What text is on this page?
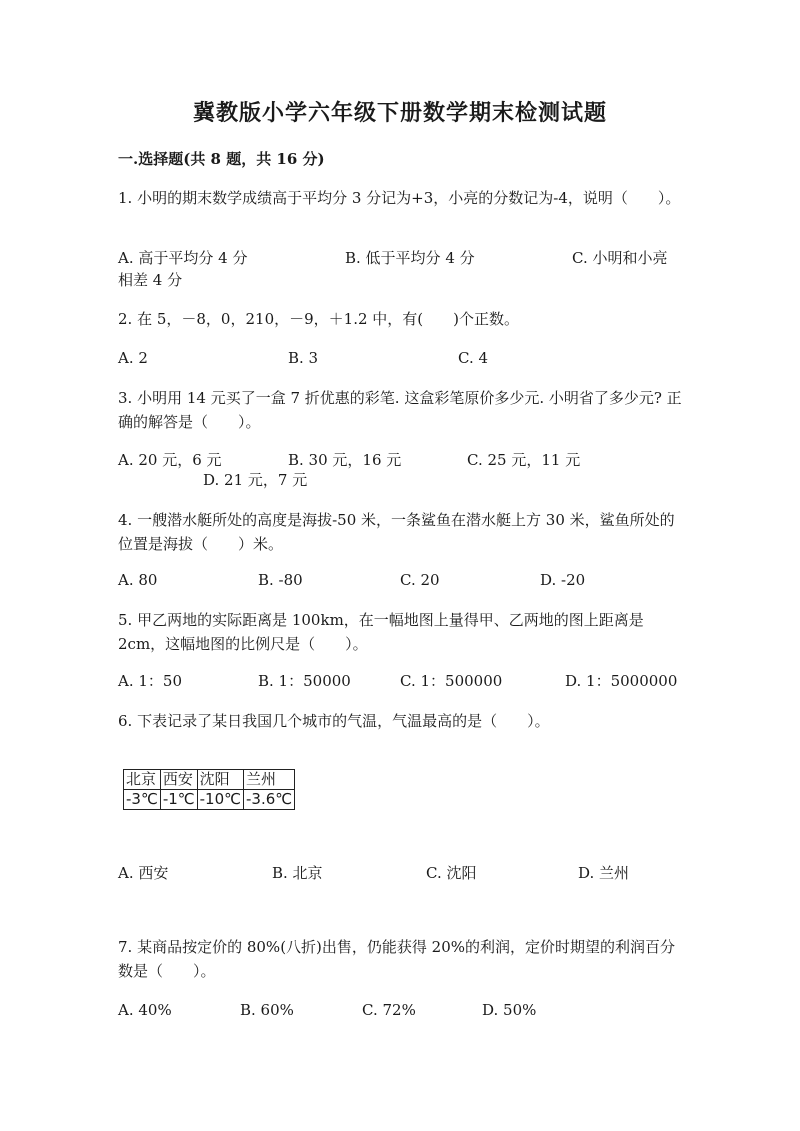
冀教版小学六年级下册数学期末检测试题
一.选择题(共 8 题，共 16 分)
1. 小明的期末数学成绩高于平均分 3 分记为+3，小亮的分数记为-4，说明（　　）。
A. 高于平均分 4 分	B. 低于平均分 4 分	C. 小明和小亮
相差 4 分
2. 在 5，－8，0，210，－9，＋1.2 中，有(　　)个正数。
A. 2	B. 3	C. 4
3. 小明用 14 元买了一盒 7 折优惠的彩笔. 这盒彩笔原价多少元. 小明省了多少元? 正确的解答是（　　）。
A. 20 元，6 元	B. 30 元，16 元	C. 25 元，11 元
D. 21 元，7 元
4. 一艘潜水艇所处的高度是海拔-50 米，一条鲨鱼在潜水艇上方 30 米，鲨鱼所处的位置是海拔（　　）米。
A. 80	B. -80	C. 20	D. -20
5. 甲乙两地的实际距离是 100km，在一幅地图上量得甲、乙两地的图上距离是 2cm，这幅地图的比例尺是（　　）。
A. 1：50	B. 1：50000	C. 1：500000	D. 1：5000000
6. 下表记录了某日我国几个城市的气温，气温最高的是（　　）。
北京	西安	沈阳	兰州
-3℃	-1℃	-10℃	-3.6℃
A. 西安	B. 北京	C. 沈阳	D. 兰州
7. 某商品按定价的 80%(八折)出售，仍能获得 20%的利润，定价时期望的利润百分数是（　　）。
A. 40%	B. 60%	C. 72%	D. 50%
